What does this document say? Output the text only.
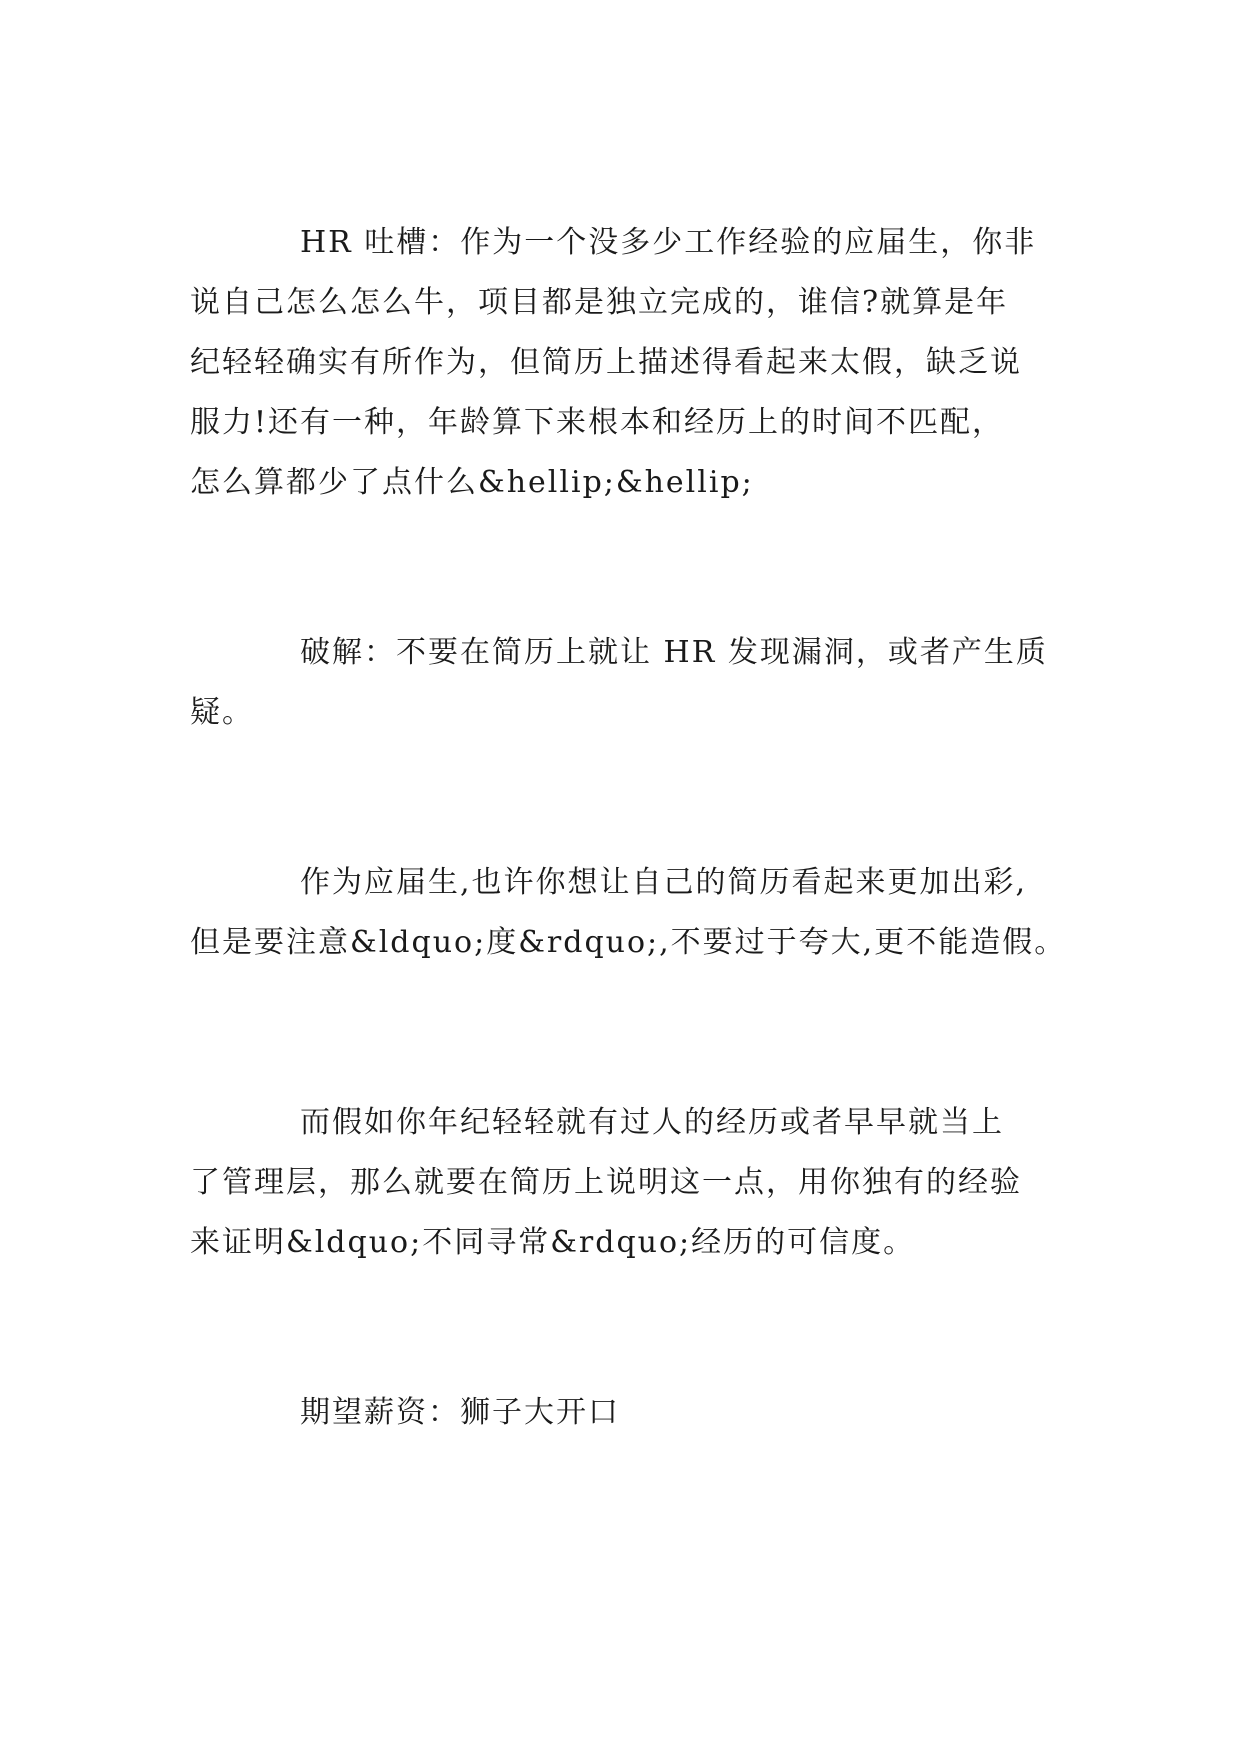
HR 吐槽：作为一个没多少工作经验的应届生，你非
说自己怎么怎么牛，项目都是独立完成的，谁信?就算是年
纪轻轻确实有所作为，但简历上描述得看起来太假，缺乏说
服力!还有一种，年龄算下来根本和经历上的时间不匹配，
怎么算都少了点什么&hellip;&hellip;
破解：不要在简历上就让 HR 发现漏洞，或者产生质
疑。
作为应届生,也许你想让自己的简历看起来更加出彩,
但是要注意&ldquo;度&rdquo;,不要过于夸大,更不能造假。
而假如你年纪轻轻就有过人的经历或者早早就当上
了管理层，那么就要在简历上说明这一点，用你独有的经验
来证明&ldquo;不同寻常&rdquo;经历的可信度。
期望薪资：狮子大开口
